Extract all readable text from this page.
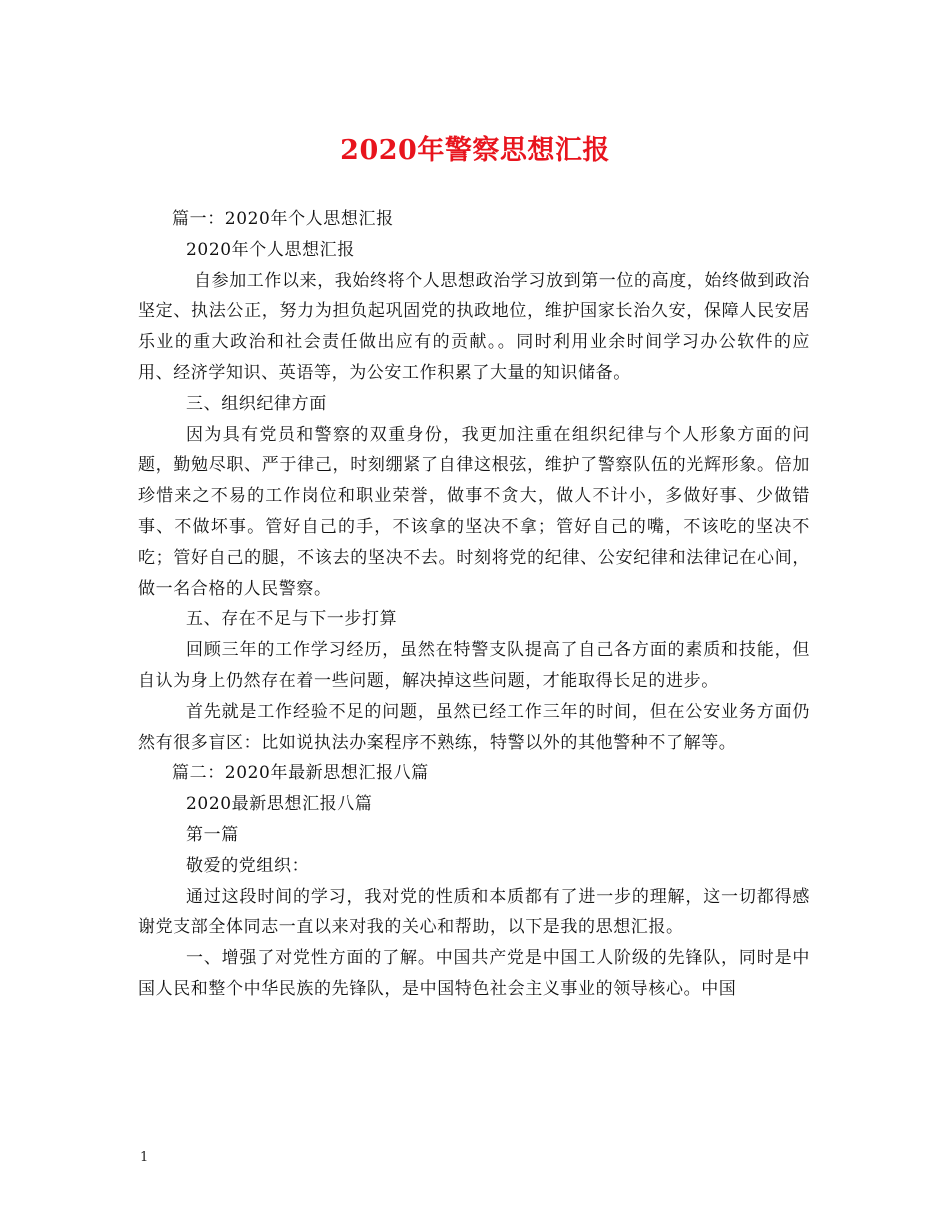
2020年警察思想汇报

篇一：2020年个人思想汇报

2020年个人思想汇报

自参加工作以来，我始终将个人思想政治学习放到第一位的高度，始终做到政治坚定、执法公正，努力为担负起巩固党的执政地位，维护国家长治久安，保障人民安居乐业的重大政治和社会责任做出应有的贡献。。同时利用业余时间学习办公软件的应用、经济学知识、英语等，为公安工作积累了大量的知识储备。

三、组织纪律方面

因为具有党员和警察的双重身份，我更加注重在组织纪律与个人形象方面的问题，勤勉尽职、严于律己，时刻绷紧了自律这根弦，维护了警察队伍的光辉形象。倍加珍惜来之不易的工作岗位和职业荣誉，做事不贪大，做人不计小，多做好事、少做错事、不做坏事。管好自己的手，不该拿的坚决不拿；管好自己的嘴，不该吃的坚决不吃；管好自己的腿，不该去的坚决不去。时刻将党的纪律、公安纪律和法律记在心间，做一名合格的人民警察。

五、存在不足与下一步打算

回顾三年的工作学习经历，虽然在特警支队提高了自己各方面的素质和技能，但自认为身上仍然存在着一些问题，解决掉这些问题，才能取得长足的进步。

首先就是工作经验不足的问题，虽然已经工作三年的时间，但在公安业务方面仍然有很多盲区：比如说执法办案程序不熟练，特警以外的其他警种不了解等。

篇二：2020年最新思想汇报八篇

2020最新思想汇报八篇

第一篇

敬爱的党组织：

通过这段时间的学习，我对党的性质和本质都有了进一步的理解，这一切都得感谢党支部全体同志一直以来对我的关心和帮助，以下是我的思想汇报。

一、增强了对党性方面的了解。中国共产党是中国工人阶级的先锋队，同时是中国人民和整个中华民族的先锋队，是中国特色社会主义事业的领导核心。中国

1
